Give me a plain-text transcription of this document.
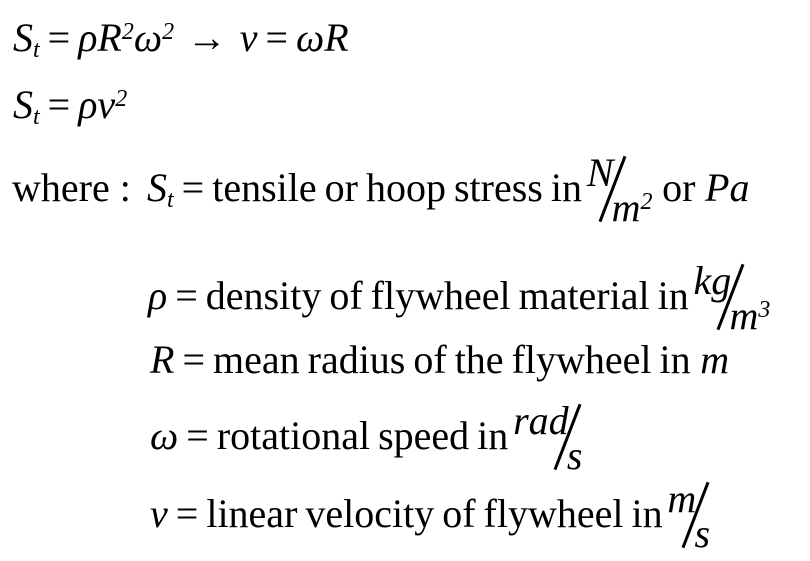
$S_t = \rho R^2\omega^2 \to v = \omega R$
$S_t = \rho v^2$
where : $S_t$ = tensile or hoop stress in Nm$^2$ or Pa
ρ = density of flywheel material in kgm$^3$
R = mean radius of the flywheel in m
ω = rotational speed in rads
v = linear velocity of flywheel in ms
